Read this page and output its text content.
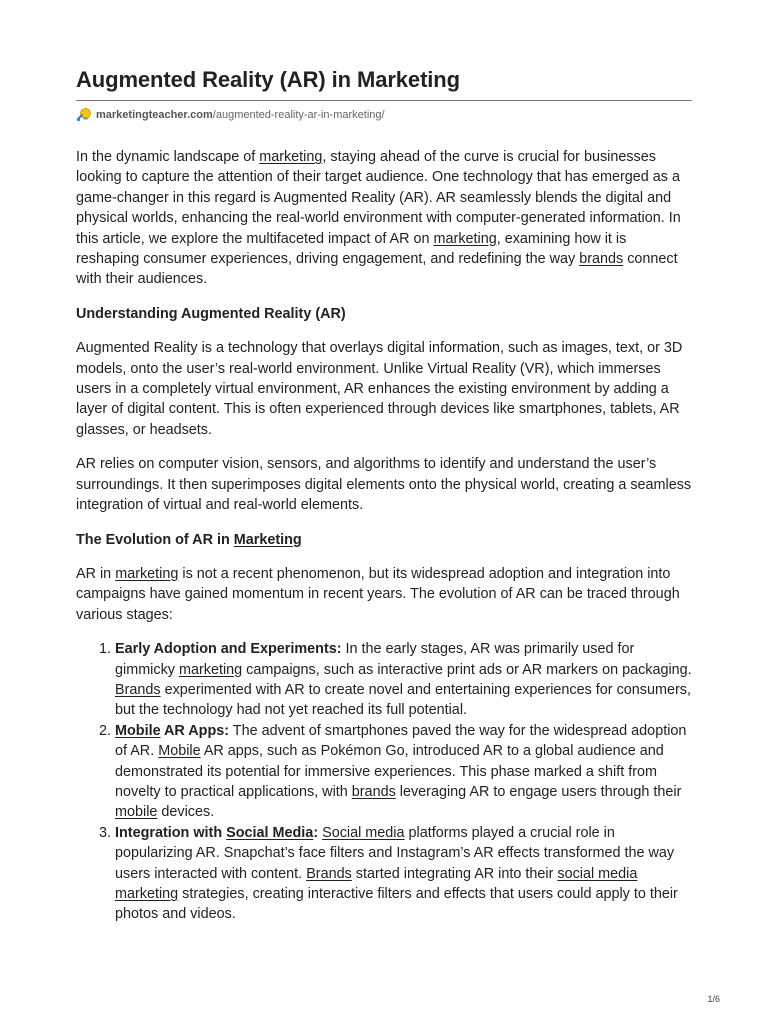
Augmented Reality (AR) in Marketing
marketingteacher.com /augmented-reality-ar-in-marketing/

In the dynamic landscape of marketing, staying ahead of the curve is crucial for businesses looking to capture the attention of their target audience. One technology that has emerged as a game-changer in this regard is Augmented Reality (AR). AR seamlessly blends the digital and physical worlds, enhancing the real-world environment with computer-generated information. In this article, we explore the multifaceted impact of AR on marketing, examining how it is reshaping consumer experiences, driving engagement, and redefining the way brands connect with their audiences.

Understanding Augmented Reality (AR)

Augmented Reality is a technology that overlays digital information, such as images, text, or 3D models, onto the user’s real-world environment. Unlike Virtual Reality (VR), which immerses users in a completely virtual environment, AR enhances the existing environment by adding a layer of digital content. This is often experienced through devices like smartphones, tablets, AR glasses, or headsets.

AR relies on computer vision, sensors, and algorithms to identify and understand the user’s surroundings. It then superimposes digital elements onto the physical world, creating a seamless integration of virtual and real-world elements.

The Evolution of AR in Marketing

AR in marketing is not a recent phenomenon, but its widespread adoption and integration into campaigns have gained momentum in recent years. The evolution of AR can be traced through various stages:

1. Early Adoption and Experiments: In the early stages, AR was primarily used for gimmicky marketing campaigns, such as interactive print ads or AR markers on packaging. Brands experimented with AR to create novel and entertaining experiences for consumers, but the technology had not yet reached its full potential.
2. Mobile AR Apps: The advent of smartphones paved the way for the widespread adoption of AR. Mobile AR apps, such as Pokémon Go, introduced AR to a global audience and demonstrated its potential for immersive experiences. This phase marked a shift from novelty to practical applications, with brands leveraging AR to engage users through their mobile devices.
3. Integration with Social Media: Social media platforms played a crucial role in popularizing AR. Snapchat’s face filters and Instagram’s AR effects transformed the way users interacted with content. Brands started integrating AR into their social media marketing strategies, creating interactive filters and effects that users could apply to their photos and videos.
1/6
